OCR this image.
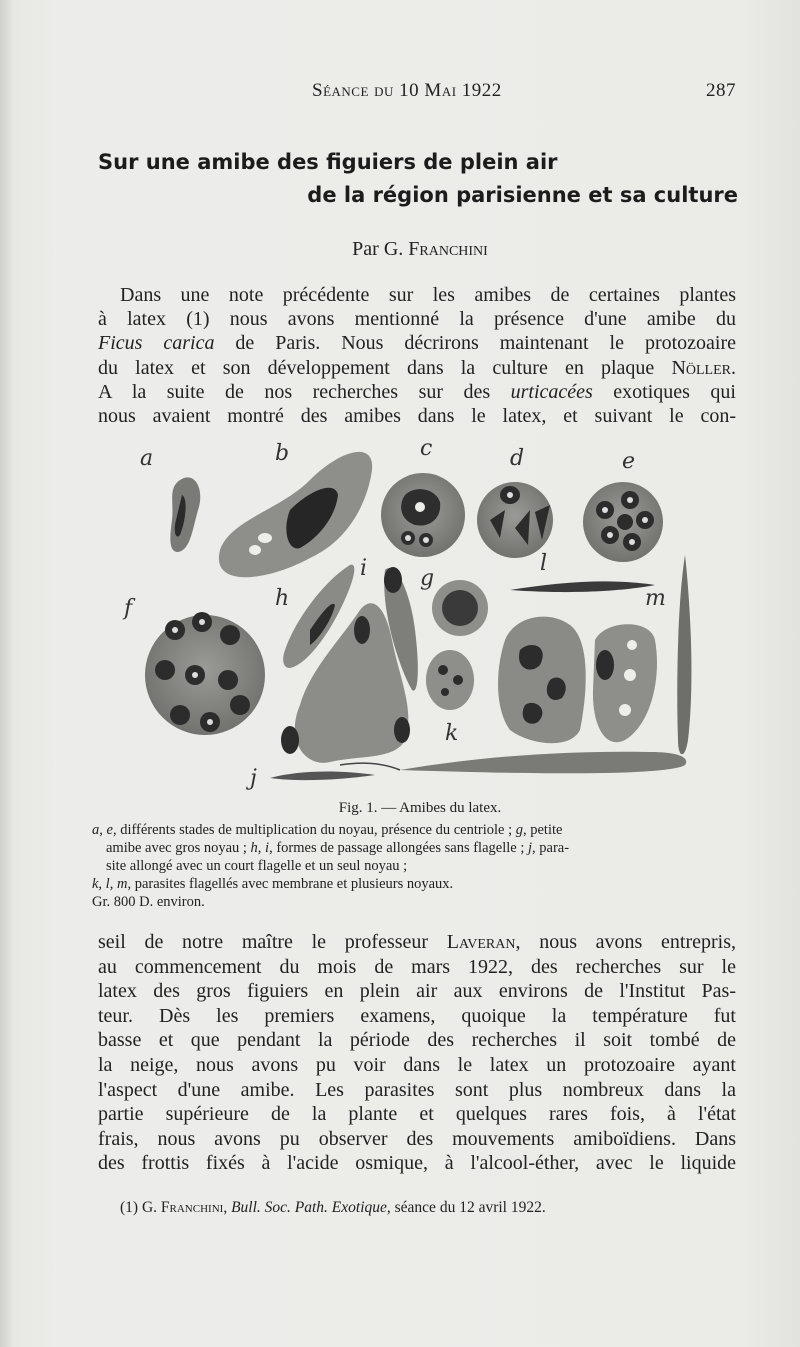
Séance du 10 Mai 1922	287
Sur une amibe des figuiers de plein air
de la région parisienne et sa culture
Par G. Franchini
Dans une note précédente sur les amibes de certaines plantes
à latex (1) nous avons mentionné la présence d'une amibe du
Ficus carica de Paris. Nous décrirons maintenant le protozoaire
du latex et son développement dans la culture en plaque Nöller.
A la suite de nos recherches sur des urticacées exotiques qui
nous avaient montré des amibes dans le latex, et suivant le con-
a	b	c	d	e
f
g
h
i
j
k
l
m
Fig. 1. — Amibes du latex.
a, e, différents stades de multiplication du noyau, présence du centriole ; g, petite
amibe avec gros noyau ; h, i, formes de passage allongées sans flagelle ; j, para-
site allongé avec un court flagelle et un seul noyau ;
k, l, m, parasites flagellés avec membrane et plusieurs noyaux.
Gr. 800 D. environ.
seil de notre maître le professeur Laveran, nous avons entrepris,
au commencement du mois de mars 1922, des recherches sur le
latex des gros figuiers en plein air aux environs de l'Institut Pas-
teur. Dès les premiers examens, quoique la température fut
basse et que pendant la période des recherches il soit tombé de
la neige, nous avons pu voir dans le latex un protozoaire ayant
l'aspect d'une amibe. Les parasites sont plus nombreux dans la
partie supérieure de la plante et quelques rares fois, à l'état
frais, nous avons pu observer des mouvements amiboïdiens. Dans
des frottis fixés à l'acide osmique, à l'alcool-éther, avec le liquide
(1) G. Franchini, Bull. Soc. Path. Exotique, séance du 12 avril 1922.
